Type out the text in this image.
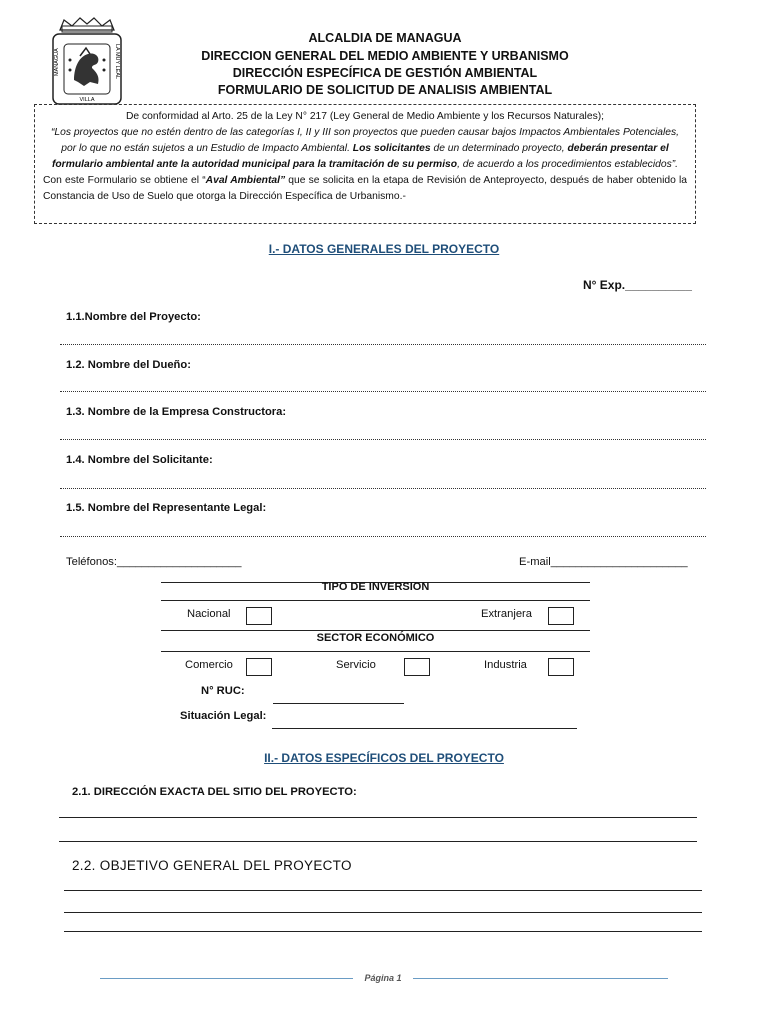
MANAGUA	LA MUY LEAL
VILLA
ALCALDIA DE MANAGUA
DIRECCION GENERAL DEL MEDIO AMBIENTE Y URBANISMO
DIRECCIÓN ESPECÍFICA DE GESTIÓN AMBIENTAL
FORMULARIO DE SOLICITUD DE ANALISIS AMBIENTAL

De conformidad al Arto. 25 de la Ley N° 217 (Ley General de Medio Ambiente y los Recursos Naturales);

“Los proyectos que no estén dentro de las categorías I, II y III son proyectos que pueden causar bajos Impactos Ambientales Potenciales, por lo que no están sujetos a un Estudio de Impacto Ambiental. Los solicitantes de un determinado proyecto, deberán presentar el formulario ambiental ante la autoridad municipal para la tramitación de su permiso, de acuerdo a los procedimientos establecidos”.

Con este Formulario se obtiene el “Aval Ambiental” que se solicita en la etapa de Revisión de Anteproyecto, después de haber obtenido la Constancia de Uso de Suelo que otorga la Dirección Específica de Urbanismo.-

I.- DATOS GENERALES DEL PROYECTO
N° Exp.__________
1.1.Nombre del Proyecto:
1.2. Nombre del Dueño:
1.3. Nombre de la Empresa Constructora:
1.4. Nombre del Solicitante:
1.5. Nombre del Representante Legal:
Teléfonos:____________________	E-mail______________________
TIPO DE INVERSION
Nacional	Extranjera
SECTOR ECONÓMICO
Comercio	Servicio	Industria
N° RUC:
Situación Legal:
II.- DATOS ESPECÍFICOS DEL PROYECTO
2.1. DIRECCIÓN EXACTA DEL SITIO DEL PROYECTO:
2.2. OBJETIVO GENERAL DEL PROYECTO
Página 1
